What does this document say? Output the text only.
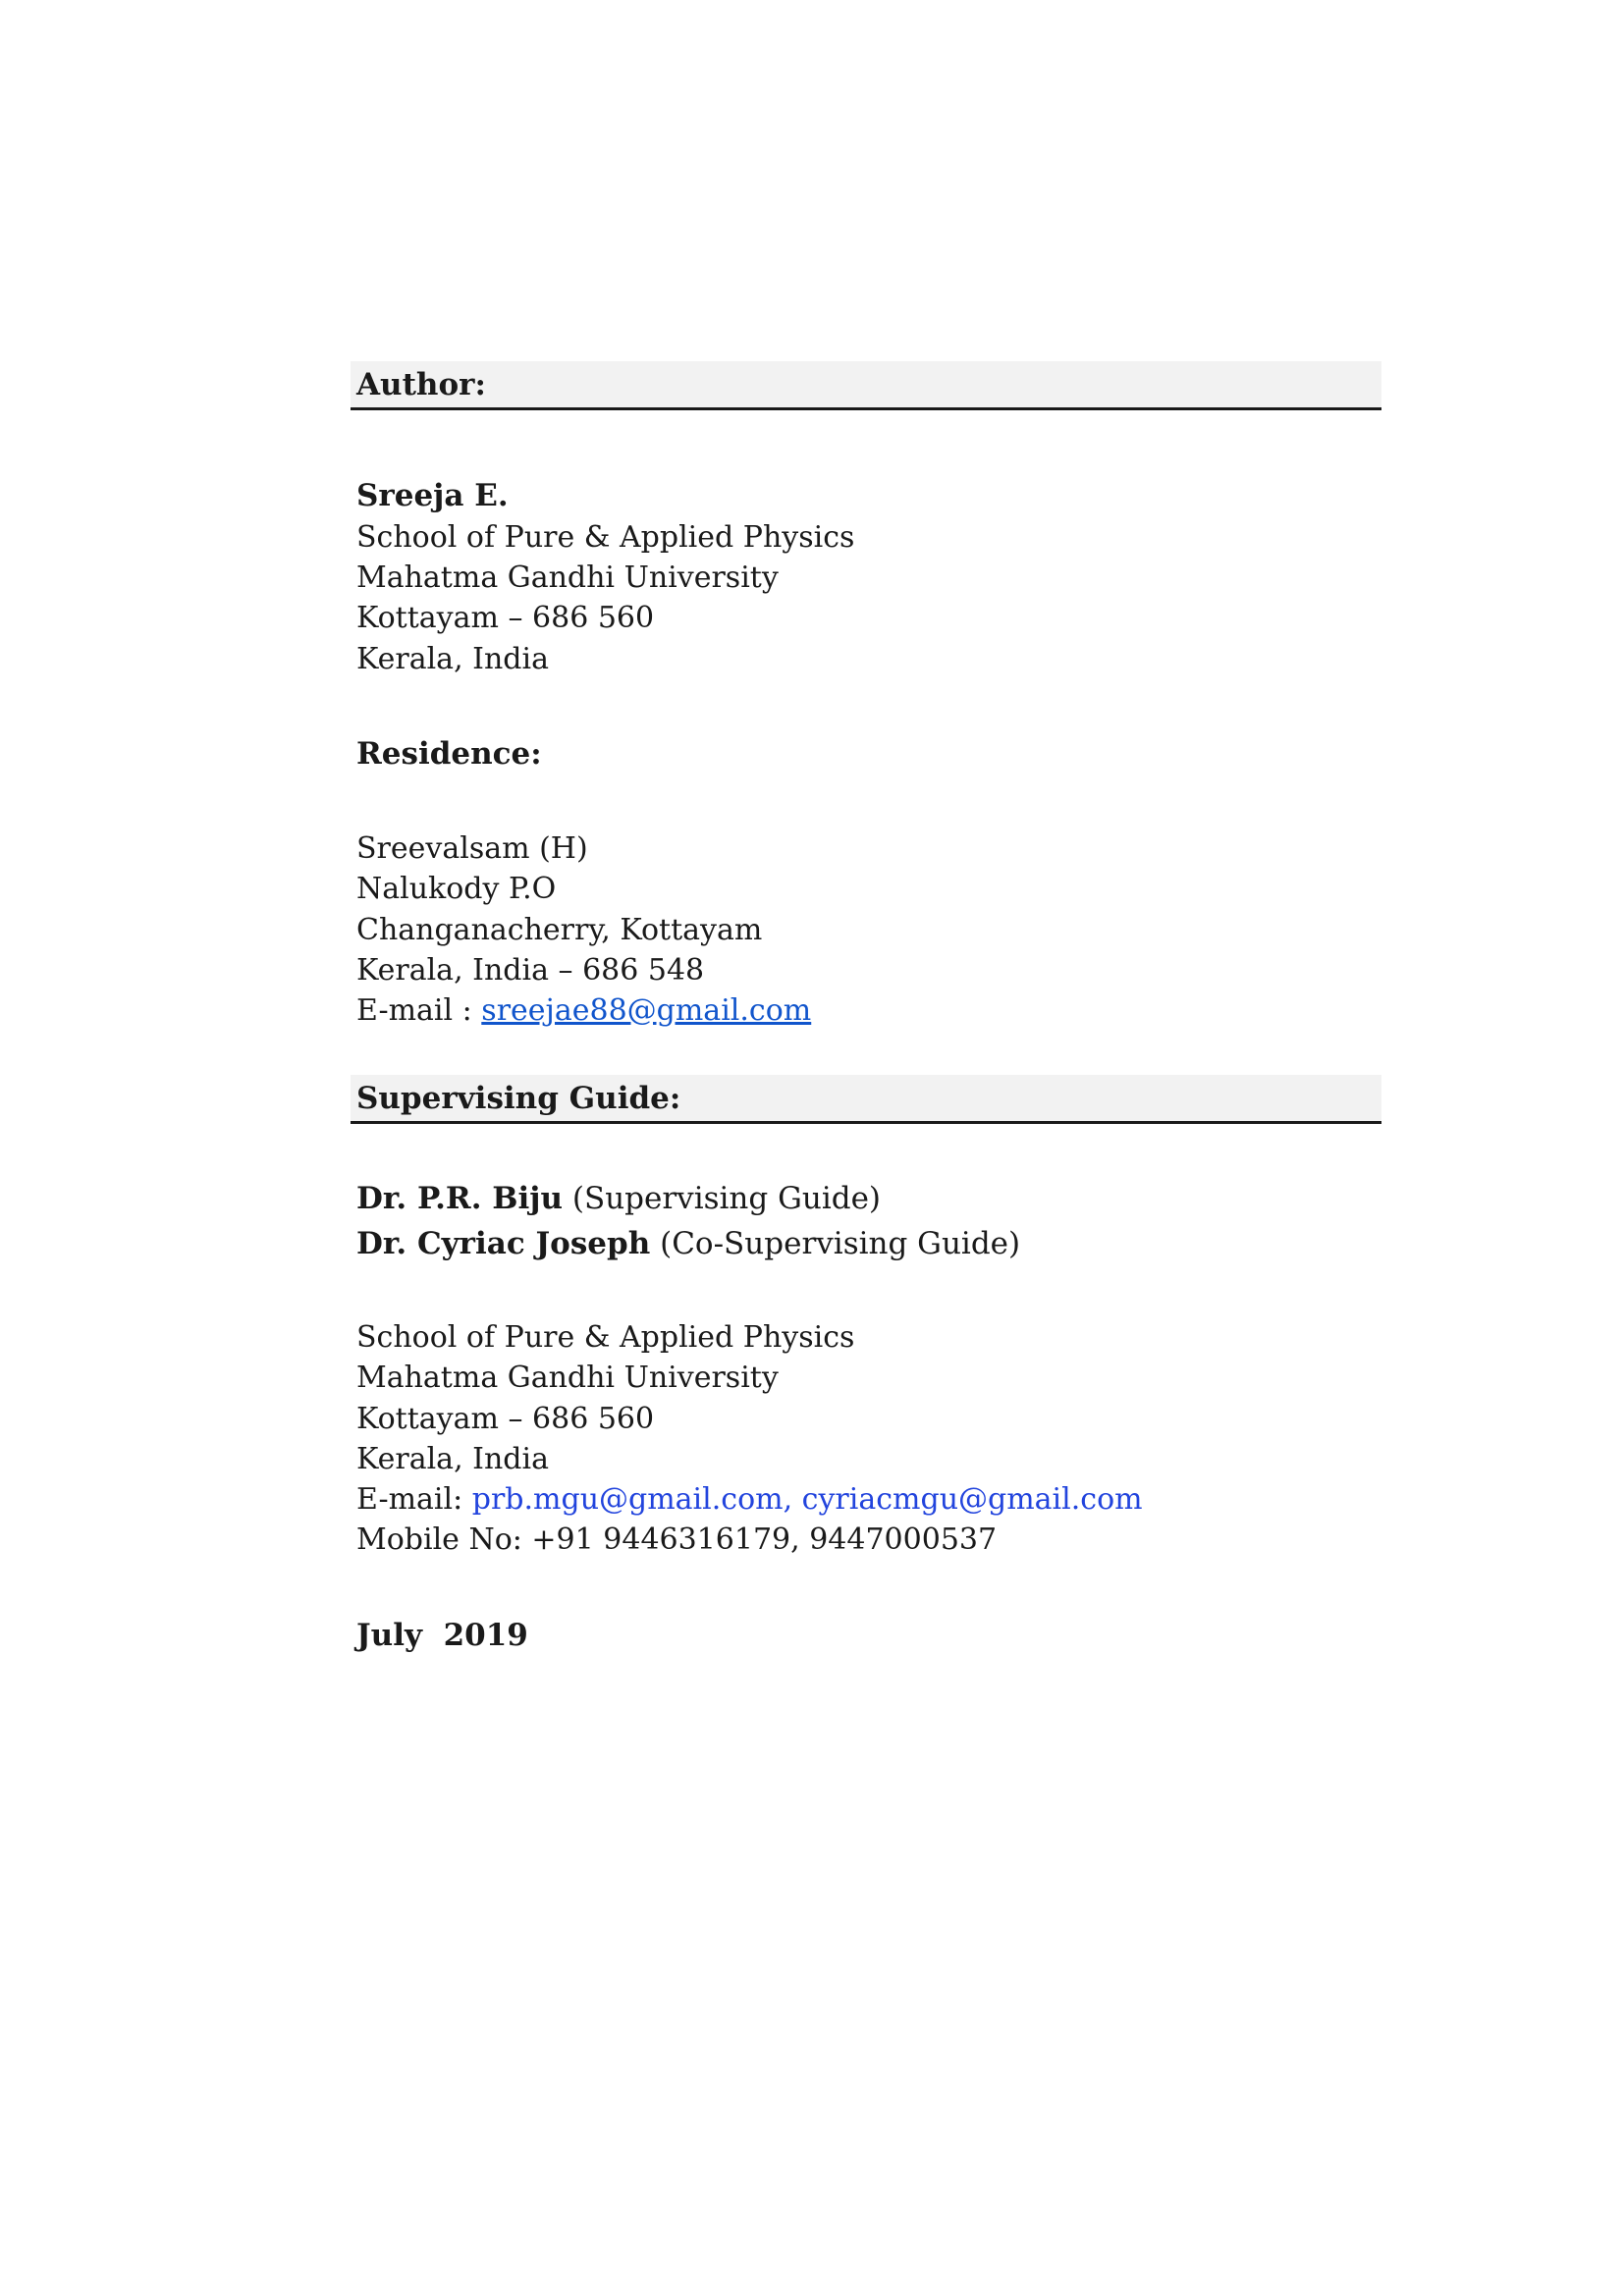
Author:
Sreeja E.
School of Pure & Applied Physics
Mahatma Gandhi University
Kottayam – 686 560
Kerala, India
Residence:
Sreevalsam (H)
Nalukody P.O
Changanacherry, Kottayam
Kerala, India – 686 548
E-mail : sreejae88@gmail.com
Supervising Guide:
Dr. P.R. Biju (Supervising Guide)
Dr. Cyriac Joseph (Co-Supervising Guide)
School of Pure & Applied Physics
Mahatma Gandhi University
Kottayam – 686 560
Kerala, India
E-mail: prb.mgu@gmail.com, cyriacmgu@gmail.com
Mobile No: +91 9446316179, 9447000537
July  2019
